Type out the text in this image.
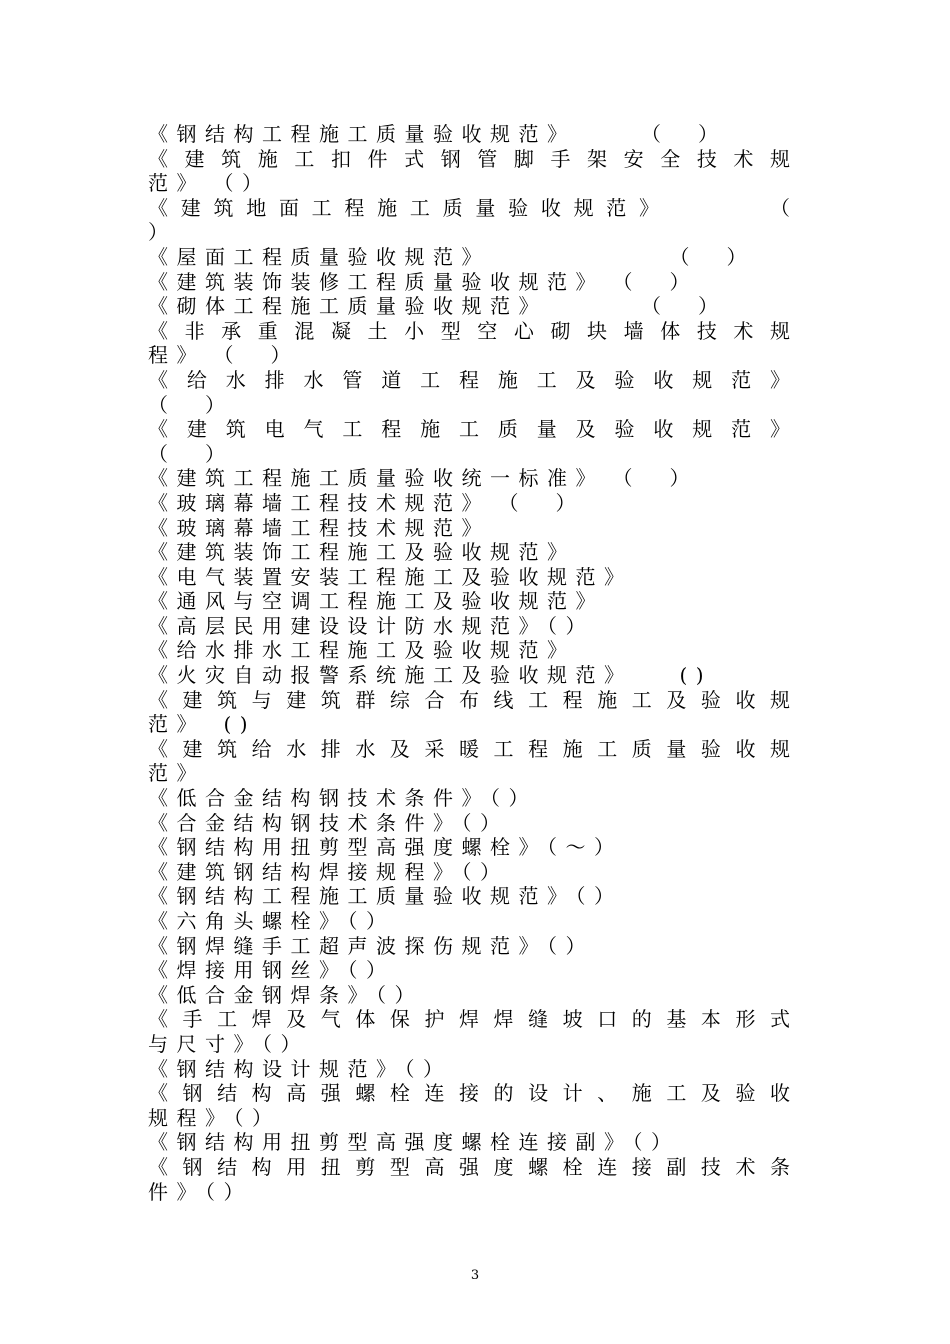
《钢结构工程施工质量验收规范》　　　（　）
《​ 建​ 筑​ 施​ 工​ 扣​ 件​ 式​ 钢​ 管​ 脚​ 手​ 架​ 安​ 全​ 技​ 术​ 规
范》　（）
《​ 建​ 筑​ 地​ 面​ 工​ 程​ 施​ 工​ 质​ 量​ 验​ 收​ 规​ 范​ 》​ 　​ 　​ 　​ （
）
《屋面工程质量验收规范》　　　　　　　（　）
《建筑装饰装修工程质量验收规范》　（　）
《砌体工程施工质量验收规范》　　　　（　）
《​ 非​ 承​ 重​ 混​ 凝​ 土​ 小​ 型​ 空​ 心​ 砌​ 块​ 墙​ 体​ 技​ 术​ 规
程》　（　）
《​ 给​ 水​ 排​ 水​ 管​ 道​ 工​ 程​ 施​ 工​ 及​ 验​ 收​ 规​ 范​ 》
（　）
《​ 建​ 筑​ 电​ 气​ 工​ 程​ 施​ 工​ 质​ 量​ 及​ 验​ 收​ 规​ 范​ 》
（　）
《建筑工程施工质量验收统一标准》　（　）
《玻璃幕墙工程技术规范》　（　）
《玻璃幕墙工程技术规范》
《建筑装饰工程施工及验收规范》
《电气装置安装工程施工及验收规范》
《通风与空调工程施工及验收规范》
《高层民用建设设计防水规范》（）
《给水排水工程施工及验收规范》
《火灾自动报警系统施工及验收规范》　　()
《​ 建​ 筑​ 与​ 建​ 筑​ 群​ 综​ 合​ 布​ 线​ 工​ 程​ 施​ 工​ 及​ 验​ 收​ 规
范》　()
《​ 建​ 筑​ 给​ 水​ 排​ 水​ 及​ 采​ 暖​ 工​ 程​ 施​ 工​ 质​ 量​ 验​ 收​ 规
范》
《低合金结构钢技术条件》（）
《合金结构钢技术条件》（）
《钢结构用扭剪型高强度螺栓》（～）
《建筑钢结构焊接规程》（）
《钢结构工程施工质量验收规范》（）
《六角头螺栓》（）
《钢焊缝手工超声波探伤规范》（）
《焊接用钢丝》（）
《低合金钢焊条》（）
《​ 手​ 工​ 焊​ 及​ 气​ 体​ 保​ 护​ 焊​ 焊​ 缝​ 坡​ 口​ 的​ 基​ 本​ 形​ 式
与尺寸》（）
《钢结构设计规范》（）
《​ 钢​ 结​ 构​ 高​ 强​ 螺​ 栓​ 连​ 接​ 的​ 设​ 计​ 、​ 施​ 工​ 及​ 验​ 收
规程》（）
《钢结构用扭剪型高强度螺栓连接副》（）
《​ 钢​ 结​ 构​ 用​ 扭​ 剪​ 型​ 高​ 强​ 度​ 螺​ 栓​ 连​ 接​ 副​ 技​ 术​ 条
件》（）
3
